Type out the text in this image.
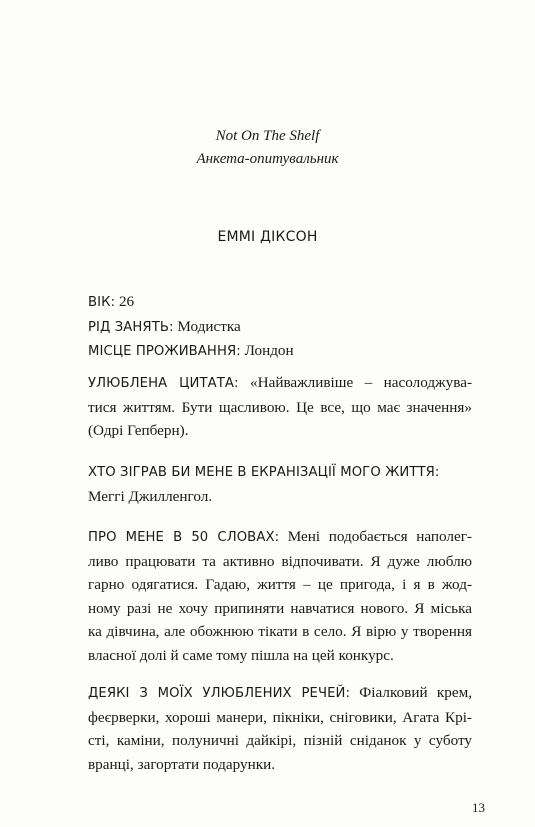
Not On The Shelf
Анкета-опитувальник
ЕММІ ДІКСОН
ВІК: 26
РІД ЗАНЯТЬ: Модистка
МІСЦЕ ПРОЖИВАННЯ: Лондон
УЛЮБЛЕНА ЦИТАТА: «Найважливіше – насолоджува-
тися життям. Бути щасливою. Це все, що має значення»
(Одрі Гепберн).
ХТО ЗІГРАВ БИ МЕНЕ В ЕКРАНІЗАЦІЇ МОГО ЖИТТЯ:
Меггі Джилленгол.
ПРО МЕНЕ В 50 СЛОВАХ: Мені подобається наполег-
ливо працювати та активно відпочивати. Я дуже люблю
гарно одягатися. Гадаю, життя – це пригода, і я в жод-
ному разі не хочу припиняти навчатися нового. Я міська
ка дівчина, але обожнюю тікати в село. Я вірю у творення
власної долі й саме тому пішла на цей конкурс.
ДЕЯКІ З МОЇХ УЛЮБЛЕНИХ РЕЧЕЙ: Фіалковий крем,
феєрверки, хороші манери, пікніки, сніговики, Агата Крі-
сті, каміни, полуничні дайкірі, пізній сніданок у суботу
вранці, загортати подарунки.
13
